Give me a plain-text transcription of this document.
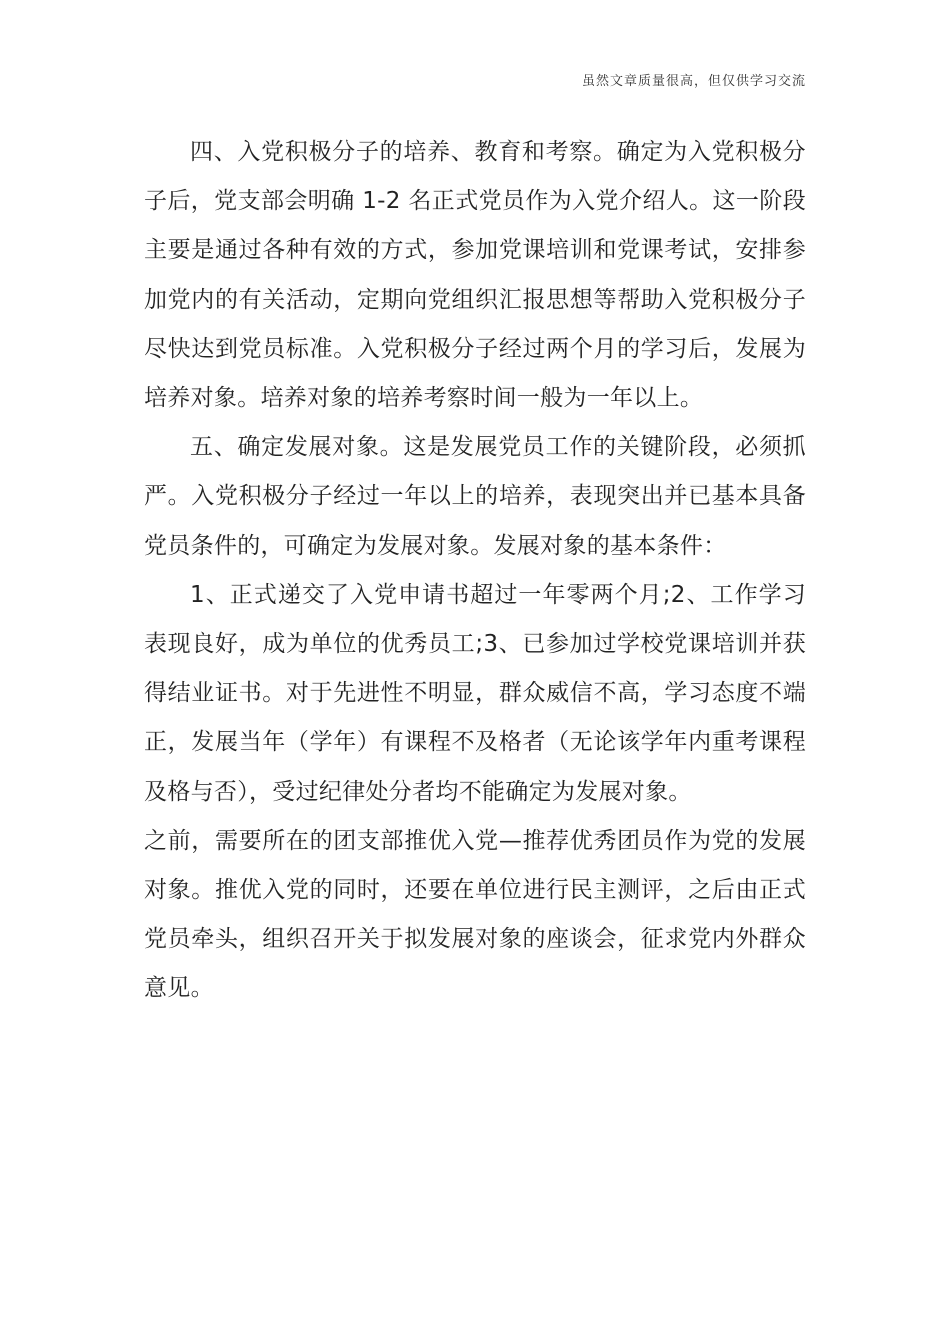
虽然文章质量很高，但仅供学习交流

四、入党积极分子的培养、教育和考察。确定为入党积极分子后，党支部会明确 1-2 名正式党员作为入党介绍人。这一阶段主要是通过各种有效的方式，参加党课培训和党课考试，安排参加党内的有关活动，定期向党组织汇报思想等帮助入党积极分子尽快达到党员标准。入党积极分子经过两个月的学习后，发展为培养对象。培养对象的培养考察时间一般为一年以上。

五、确定发展对象。这是发展党员工作的关键阶段，必须抓严。入党积极分子经过一年以上的培养，表现突出并已基本具备党员条件的，可确定为发展对象。发展对象的基本条件：

1、正式递交了入党申请书超过一年零两个月;2、工作学习表现良好，成为单位的优秀员工;3、已参加过学校党课培训并获得结业证书。对于先进性不明显，群众威信不高，学习态度不端正，发展当年（学年）有课程不及格者（无论该学年内重考课程及格与否），受过纪律处分者均不能确定为发展对象。

之前，需要所在的团支部推优入党—推荐优秀团员作为党的发展对象。推优入党的同时，还要在单位进行民主测评，之后由正式党员牵头，组织召开关于拟发展对象的座谈会，征求党内外群众意见。
